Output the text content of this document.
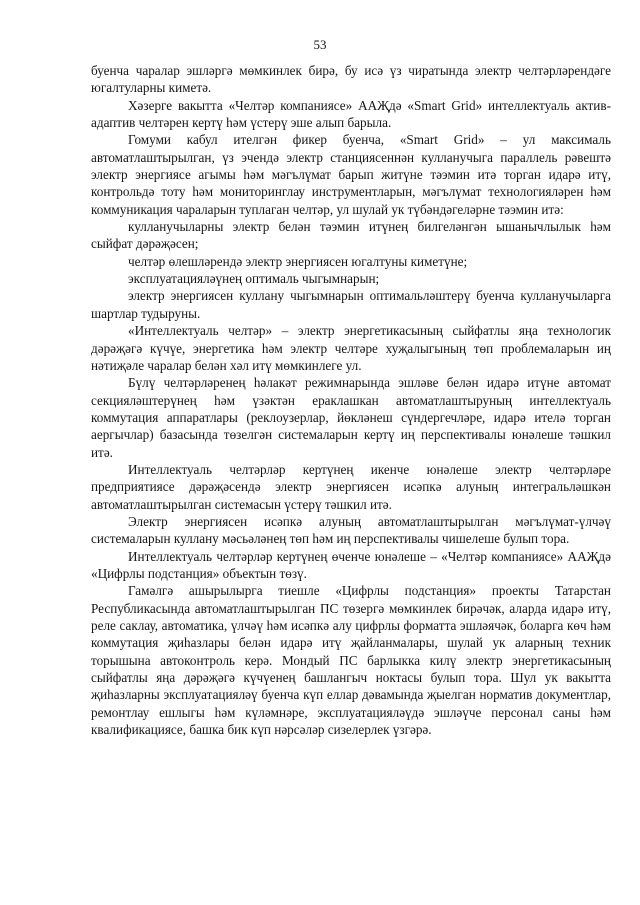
53

буенча чаралар эшләргә мөмкинлек бирә, бу исә үз чиратында электр челтәрләрендәге югалтуларны киметә.

Хәзерге вакытта «Челтәр компаниясе» ААҖдә «Smart Grid» интеллектуаль актив-адаптив челтәрен кертү һәм үстерү эше алып барыла.

Гомуми кабул ителгән фикер буенча, «Smart Grid» – ул максималь автоматлаштырылган, үз эчендә электр станциясеннән кулланучыга параллель рәвештә электр энергиясе агымы һәм мәгълүмат барып житүне тәэмин итә торган идарә итү, контрольдә тоту һәм мониторинглау инструментларын, мәгълүмат технологияләрен һәм коммуникация чараларын туплаган челтәр, ул шулай ук түбәндәгеләрне тәэмин итә:

кулланучыларны электр белән тәэмин итүнең билгеләнгән ышанычлылык һәм сыйфат дәрәҗәсен;

челтәр өлешләрендә электр энергиясен югалтуны киметүне;

эксплуатацияләүнең оптималь чыгымнарын;

электр энергиясен куллану чыгымнарын оптимальләштерү буенча кулланучыларга шартлар тудыруны.

«Интеллектуаль челтәр» – электр энергетикасының сыйфатлы яңа технологик дәрәҗәгә күчүе, энергетика һәм электр челтәре хуҗалыгының төп проблемаларын иң нәтиҗәле чаралар белән хәл итү мөмкинлеге ул.

Бүлү челтәрләренең һәлакәт режимнарында эшләве белән идарә итүне автомат секцияләштерүнең һәм үзәктән ераклашкан автоматлаштыруның интеллектуаль коммутация аппаратлары (реклоузерлар, йөкләнеш сүндергечләре, идарә ителә торган аергычлар) базасында төзелгән системаларын кертү иң перспективалы юнәлеше тәшкил итә.

Интеллектуаль челтәрләр кертүнең икенче юнәлеше электр челтәрләре предприятиясе дәрәҗәсендә электр энергиясен исәпкә алуның интегральләшкән автоматлаштырылган системасын үстерү тәшкил итә.

Электр энергиясен исәпкә алуның автоматлаштырылган мәгълүмат-үлчәү системаларын куллану мәсьәләнең төп һәм иң перспективалы чишелеше булып тора.

Интеллектуаль челтәрләр кертүнең өченче юнәлеше – «Челтәр компаниясе» ААҖдә «Цифрлы подстанция» объектын төзү.

Гамәлгә ашырылырга тиешле «Цифрлы подстанция» проекты Татарстан Республикасында автоматлаштырылган ПС төзергә мөмкинлек бирәчәк, аларда идарә итү, реле саклау, автоматика, үлчәү һәм исәпкә алу цифрлы форматта эшләячәк, боларга көч һәм коммутация җиһазлары белән идарә итү җайланмалары, шулай ук аларның техник торышына автоконтроль керә. Мондый ПС барлыкка килү электр энергетикасының сыйфатлы яңа дәрәҗәгә күчүенең башлангыч ноктасы булып тора. Шул ук вакытта җиһазларны эксплуатацияләү буенча күп еллар дәвамында җыелган норматив документлар, ремонтлау ешлыгы һәм күләмнәре, эксплуатацияләүдә эшләүче персонал саны һәм квалификациясе, башка бик күп нәрсәләр сизелерлек үзгәрә.
